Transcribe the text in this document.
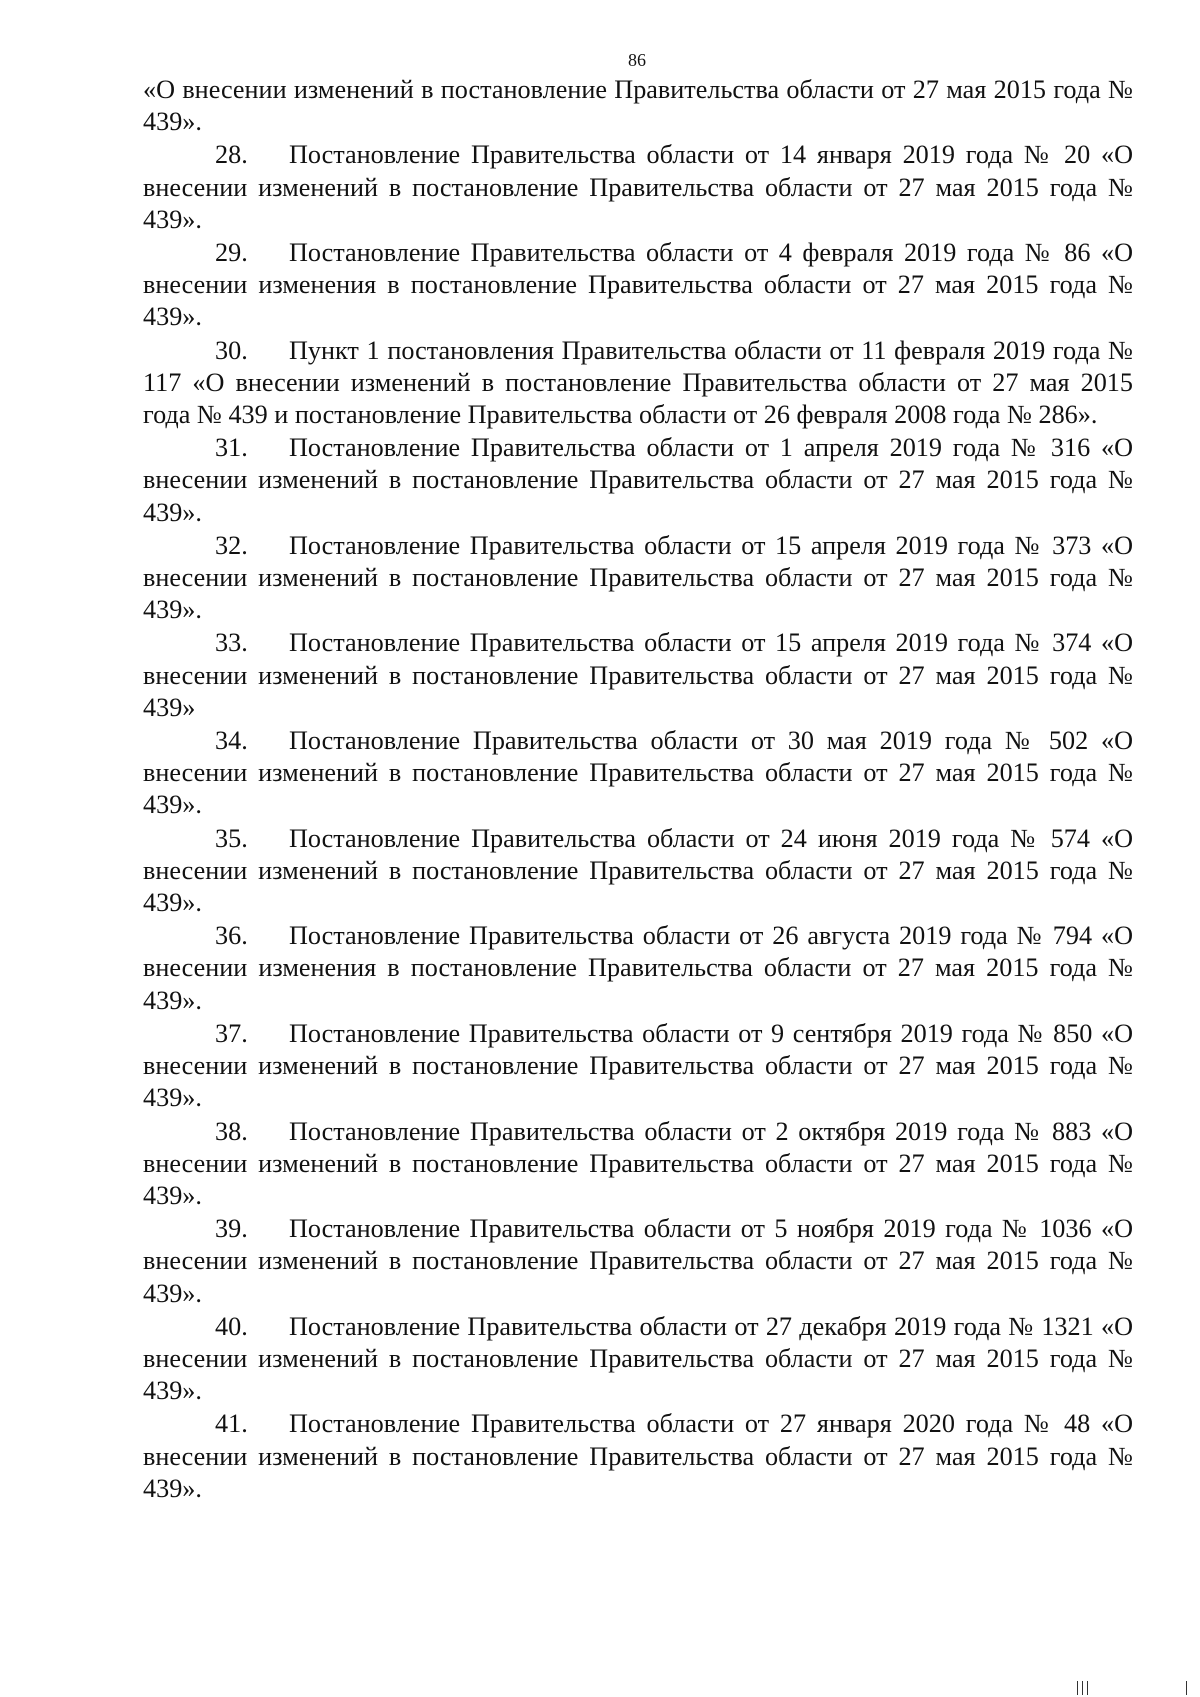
86

«О внесении изменений в постановление Правительства области от 27 мая 2015 года № 439».

28. Постановление Правительства области от 14 января 2019 года № 20 «О внесении изменений в постановление Правительства области от 27 мая 2015 года № 439».
29. Постановление Правительства области от 4 февраля 2019 года № 86 «О внесении изменения в постановление Правительства области от 27 мая 2015 года № 439».
30. Пункт 1 постановления Правительства области от 11 февраля 2019 года № 117 «О внесении изменений в постановление Правительства области от 27 мая 2015 года № 439 и постановление Правительства области от 26 февраля 2008 года № 286».
31. Постановление Правительства области от 1 апреля 2019 года № 316 «О внесении изменений в постановление Правительства области от 27 мая 2015 года № 439».
32. Постановление Правительства области от 15 апреля 2019 года № 373 «О внесении изменений в постановление Правительства области от 27 мая 2015 года № 439».
33. Постановление Правительства области от 15 апреля 2019 года № 374 «О внесении изменений в постановление Правительства области от 27 мая 2015 года № 439»
34. Постановление Правительства области от 30 мая 2019 года № 502 «О внесении изменений в постановление Правительства области от 27 мая 2015 года № 439».
35. Постановление Правительства области от 24 июня 2019 года № 574 «О внесении изменений в постановление Правительства области от 27 мая 2015 года № 439».
36. Постановление Правительства области от 26 августа 2019 года № 794 «О внесении изменения в постановление Правительства области от 27 мая 2015 года № 439».
37. Постановление Правительства области от 9 сентября 2019 года № 850 «О внесении изменений в постановление Правительства области от 27 мая 2015 года № 439».
38. Постановление Правительства области от 2 октября 2019 года № 883 «О внесении изменений в постановление Правительства области от 27 мая 2015 года № 439».
39. Постановление Правительства области от 5 ноября 2019 года № 1036 «О внесении изменений в постановление Правительства области от 27 мая 2015 года № 439».
40. Постановление Правительства области от 27 декабря 2019 года № 1321 «О внесении изменений в постановление Правительства области от 27 мая 2015 года № 439».
41. Постановление Правительства области от 27 января 2020 года № 48 «О внесении изменений в постановление Правительства области от 27 мая 2015 года № 439».
